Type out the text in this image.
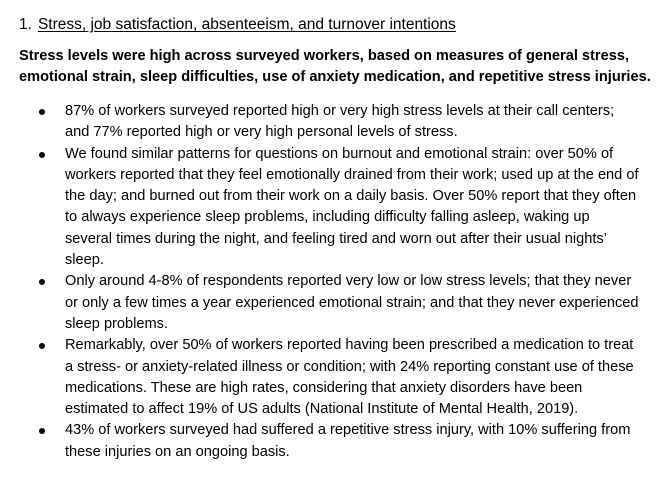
1. Stress, job satisfaction, absenteeism, and turnover intentions
Stress levels were high across surveyed workers, based on measures of general stress, emotional strain, sleep difficulties, use of anxiety medication, and repetitive stress injuries.
87% of workers surveyed reported high or very high stress levels at their call centers; and 77% reported high or very high personal levels of stress.
We found similar patterns for questions on burnout and emotional strain: over 50% of workers reported that they feel emotionally drained from their work; used up at the end of the day; and burned out from their work on a daily basis. Over 50% report that they often to always experience sleep problems, including difficulty falling asleep, waking up several times during the night, and feeling tired and worn out after their usual nights’ sleep.
Only around 4-8% of respondents reported very low or low stress levels; that they never or only a few times a year experienced emotional strain; and that they never experienced sleep problems.
Remarkably, over 50% of workers reported having been prescribed a medication to treat a stress- or anxiety-related illness or condition; with 24% reporting constant use of these medications. These are high rates, considering that anxiety disorders have been estimated to affect 19% of US adults (National Institute of Mental Health, 2019).
43% of workers surveyed had suffered a repetitive stress injury, with 10% suffering from these injuries on an ongoing basis.
